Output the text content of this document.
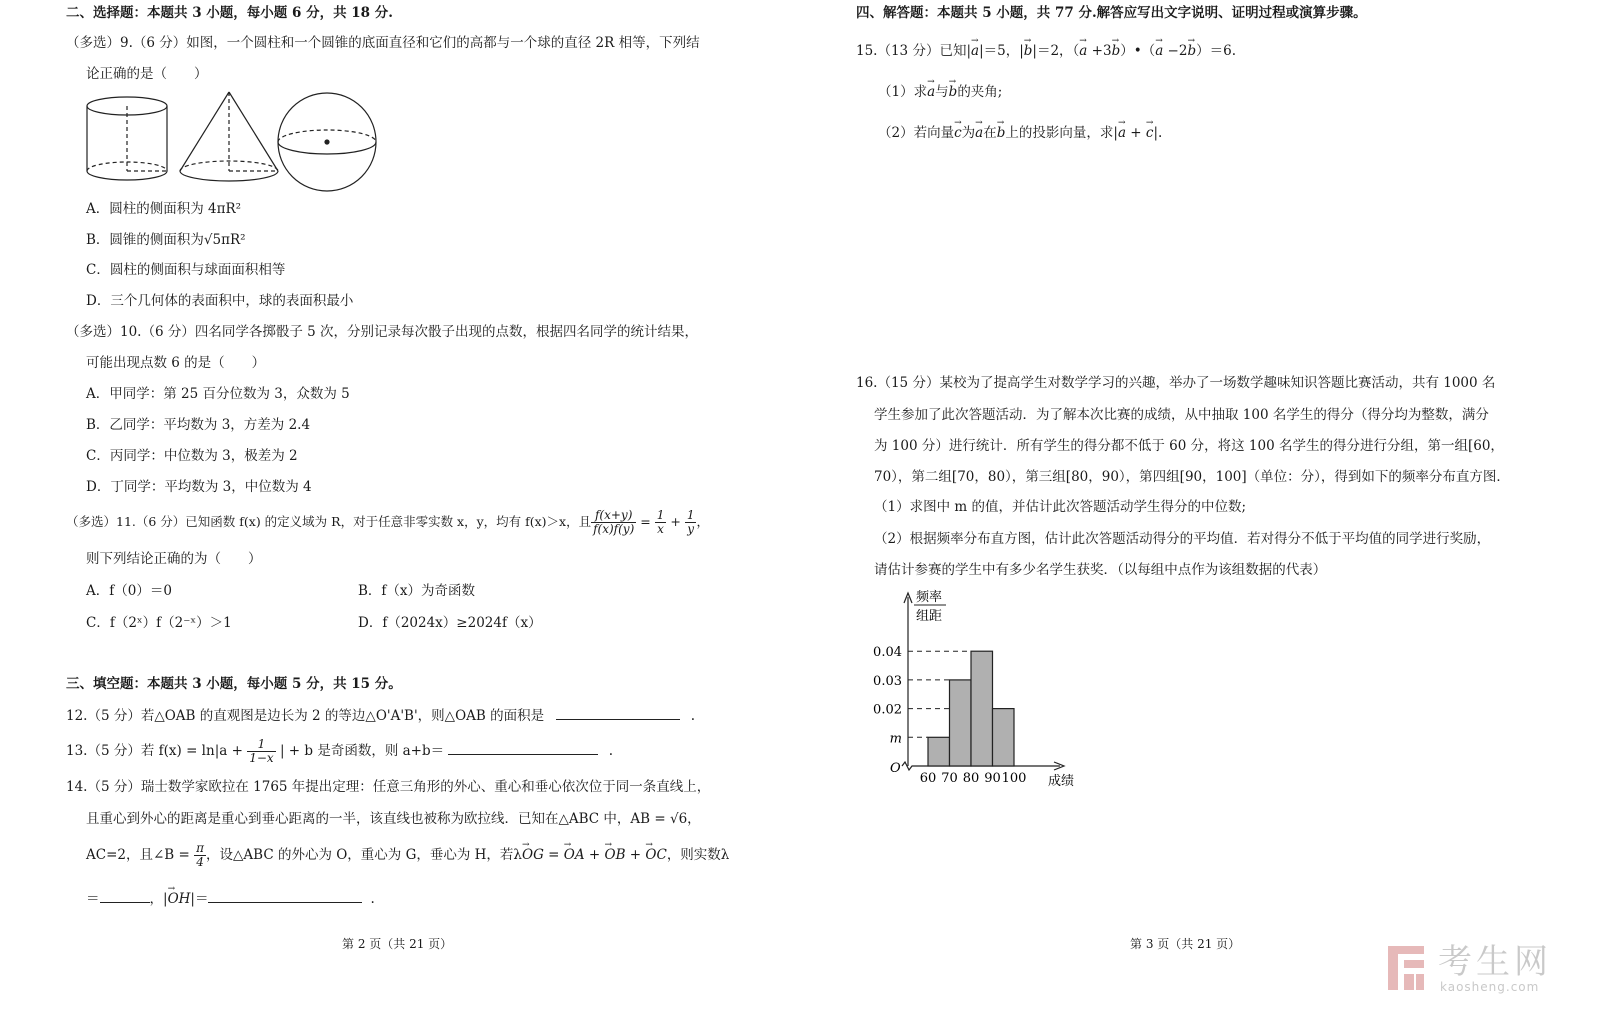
二、选择题：本题共 3 小题，每小题 6 分，共 18 分.
（多选）9.（6 分）如图，一个圆柱和一个圆锥的底面直径和它们的高都与一个球的直径 2R 相等，下列结
论正确的是（　　）
A．圆柱的侧面积为 4πR²
B．圆锥的侧面积为√5πR²
C．圆柱的侧面积与球面面积相等
D．三个几何体的表面积中，球的表面积最小
（多选）10.（6 分）四名同学各掷骰子 5 次，分别记录每次骰子出现的点数，根据四名同学的统计结果，
可能出现点数 6 的是（　　）
A．甲同学：第 25 百分位数为 3，众数为 5
B．乙同学：平均数为 3，方差为 2.4
C．丙同学：中位数为 3，极差为 2
D．丁同学：平均数为 3，中位数为 4
（多选）11.（6 分）已知函数 f(x) 的定义域为 R，对于任意非零实数 x，y，均有 f(x)＞x，且 $\frac{f(x+y)}{f(x)f(y)} = \frac{1}{x} + \frac{1}{y}$ ，
则下列结论正确的为（　　）
A．f（0）＝0	B．f（x）为奇函数
C．f（2ˣ）f（2⁻ˣ）＞1	D．f（2024x）≥2024f（x）
三、填空题：本题共 3 小题，每小题 5 分，共 15 分。
12.（5 分）若△OAB 的直观图是边长为 2 的等边△O'A'B'，则△OAB 的面积是	.
13.（5 分）若 $f(x) = \ln|a + \frac{1}{1-x}$ | + b 是奇函数，则 a+b＝	.
14.（5 分）瑞士数学家欧拉在 1765 年提出定理：任意三角形的外心、重心和垂心依次位于同一条直线上，
且重心到外心的距离是重心到垂心距离的一半，该直线也被称为欧拉线．已知在△ABC 中，AB = √6，
AC=2，且∠B = $\frac{\pi}{4}$ ，设△ABC 的外心为 O，重心为 G，垂心为 H，若λ→ OG = → OA + → OB + → OC，则实数λ
＝	，|→ OH|＝	.
第 2 页（共 21 页）
四、解答题：本题共 5 小题，共 77 分.解答应写出文字说明、证明过程或演算步骤。
15.（13 分）已知|→ a|＝5，|→ b|＝2，（→ a +3→ b）•（→ a −2→ b）＝6.
（1）求→ a与→ b的夹角;
（2）若向量→ c为→ a在→ b上的投影向量，求|→ a + → c|.
16.（15 分）某校为了提高学生对数学学习的兴趣，举办了一场数学趣味知识答题比赛活动，共有 1000 名
学生参加了此次答题活动．为了解本次比赛的成绩，从中抽取 100 名学生的得分（得分均为整数，满分
为 100 分）进行统计．所有学生的得分都不低于 60 分，将这 100 名学生的得分进行分组，第一组[60，
70），第二组[70，80），第三组[80，90），第四组[90，100]（单位：分），得到如下的频率分布直方图．
（1）求图中 m 的值，并估计此次答题活动学生得分的中位数;
（2）根据频率分布直方图，估计此次答题活动得分的平均值．若对得分不低于平均值的同学进行奖励，
请估计参赛的学生中有多少名学生获奖．（以每组中点作为该组数据的代表）
第 3 页（共 21 页）
m
0.02
0.03
0.04
60 70 80 90 100
频率
组距
O
成绩
考生网
kaosheng.com
